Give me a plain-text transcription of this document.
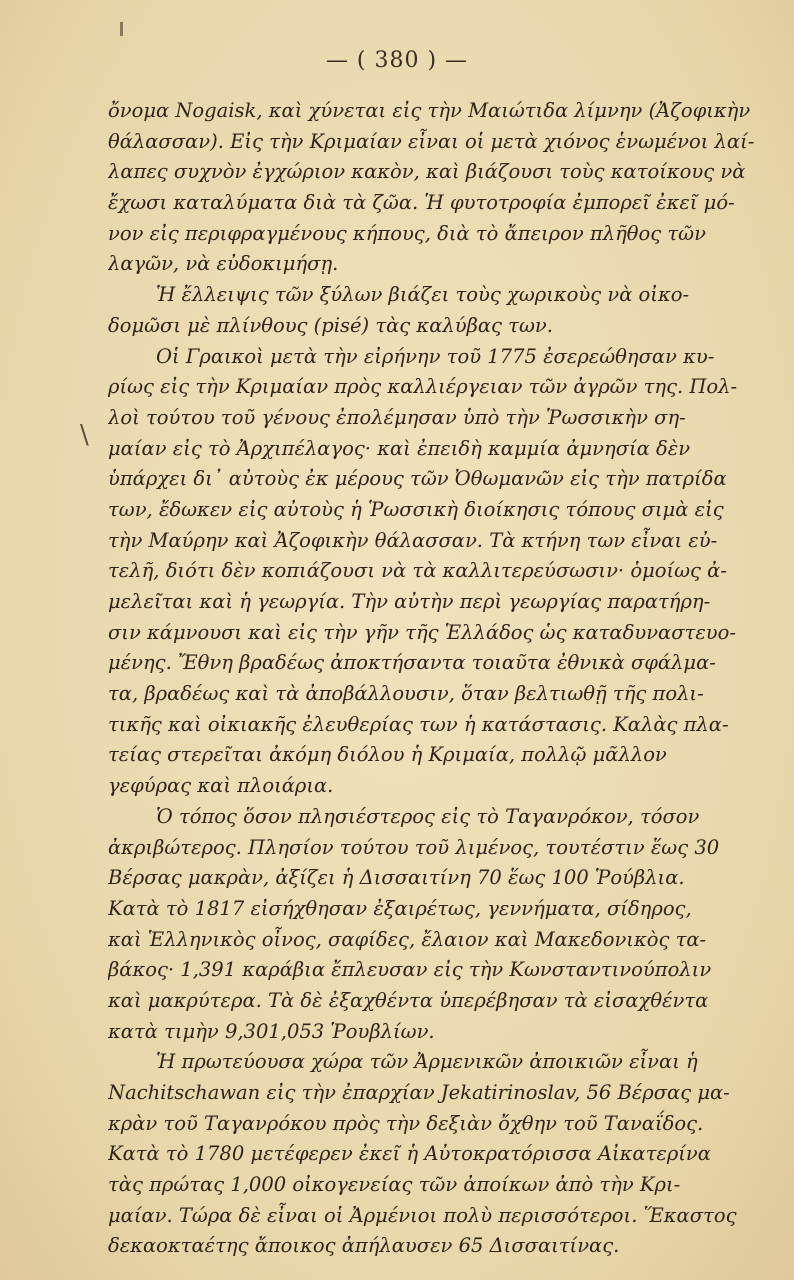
— ( 380 ) —
\
ὄνομα Nogaisk, καὶ χύνεται εἰς τὴν Μαιώτιδα λίμνην (Ἀζοφικὴν
θάλασσαν). Εἰς τὴν Κριμαίαν εἶναι οἱ μετὰ χιόνος ἑνωμένοι λαί-
λαπες συχνὸν ἐγχώριον κακὸν, καὶ βιάζουσι τοὺς κατοίκους νὰ
ἔχωσι καταλύματα διὰ τὰ ζῶα. Ἡ φυτοτροφία ἐμπορεῖ ἐκεῖ μό-
νον εἰς περιφραγμένους κήπους, διὰ τὸ ἄπειρον πλῆθος τῶν
λαγῶν, νὰ εὐδοκιμήσῃ.
Ἡ ἔλλειψις τῶν ξύλων βιάζει τοὺς χωρικοὺς νὰ οἰκο-
δομῶσι μὲ πλίνθους (pisé) τὰς καλύβας των.
Οἱ Γραικοὶ μετὰ τὴν εἰρήνην τοῦ 1775 ἐσερεώθησαν κυ-
ρίως εἰς τὴν Κριμαίαν πρὸς καλλιέργειαν τῶν ἀγρῶν της. Πολ-
λοὶ τούτου τοῦ γένους ἐπολέμησαν ὑπὸ τὴν Ῥωσσικὴν ση-
μαίαν εἰς τὸ Ἀρχιπέλαγος· καὶ ἐπειδὴ καμμία ἀμνησία δὲν
ὑπάρχει δι᾽ αὐτοὺς ἐκ μέρους τῶν Ὀθωμανῶν εἰς τὴν πατρίδα
των, ἔδωκεν εἰς αὐτοὺς ἡ Ῥωσσικὴ διοίκησις τόπους σιμὰ εἰς
τὴν Μαύρην καὶ Ἀζοφικὴν θάλασσαν. Τὰ κτήνη των εἶναι εὐ-
τελῆ, διότι δὲν κοπιάζουσι νὰ τὰ καλλιτερεύσωσιν· ὁμοίως ἀ-
μελεῖται καὶ ἡ γεωργία. Τὴν αὐτὴν περὶ γεωργίας παρατήρη-
σιν κάμνουσι καὶ εἰς τὴν γῆν τῆς Ἑλλάδος ὡς καταδυναστευο-
μένης. Ἔθνη βραδέως ἀποκτήσαντα τοιαῦτα ἐθνικὰ σφάλμα-
τα, βραδέως καὶ τὰ ἀποβάλλουσιν, ὅταν βελτιωθῇ τῆς πολι-
τικῆς καὶ οἰκιακῆς ἐλευθερίας των ἡ κατάστασις. Καλὰς πλα-
τείας στερεῖται ἀκόμη διόλου ἡ Κριμαία, πολλῷ μᾶλλον
γεφύρας καὶ πλοιάρια.
Ὁ τόπος ὅσον πλησιέστερος εἰς τὸ Ταγανρόκον, τόσον
ἀκριβώτερος. Πλησίον τούτου τοῦ λιμένος, τουτέστιν ἕως 30
Βέρσας μακρὰν, ἀξίζει ἡ Δισσαιτίνη 70 ἕως 100 Ῥούβλια.
Κατὰ τὸ 1817 εἰσήχθησαν ἐξαιρέτως, γεννήματα, σίδηρος,
καὶ Ἑλληνικὸς οἶνος, σαφίδες, ἔλαιον καὶ Μακεδονικὸς τα-
βάκος· 1,391 καράβια ἔπλευσαν εἰς τὴν Κωνσταντινούπολιν
καὶ μακρύτερα. Τὰ δὲ ἐξαχθέντα ὑπερέβησαν τὰ εἰσαχθέντα
κατὰ τιμὴν 9,301,053 Ῥουβλίων.
Ἡ πρωτεύουσα χώρα τῶν Ἀρμενικῶν ἀποικιῶν εἶναι ἡ
Nachitschawan εἰς τὴν ἐπαρχίαν Jekatirinoslav, 56 Βέρσας μα-
κρὰν τοῦ Ταγανρόκου πρὸς τὴν δεξιὰν ὄχθην τοῦ Ταναΐδος.
Κατὰ τὸ 1780 μετέφερεν ἐκεῖ ἡ Αὐτοκρατόρισσα Αἰκατερίνα
τὰς πρώτας 1,000 οἰκογενείας τῶν ἀποίκων ἀπὸ τὴν Κρι-
μαίαν. Τώρα δὲ εἶναι οἱ Ἀρμένιοι πολὺ περισσότεροι. Ἕκαστος
δεκαοκταέτης ἄποικος ἀπήλαυσεν 65 Δισσαιτίνας.
